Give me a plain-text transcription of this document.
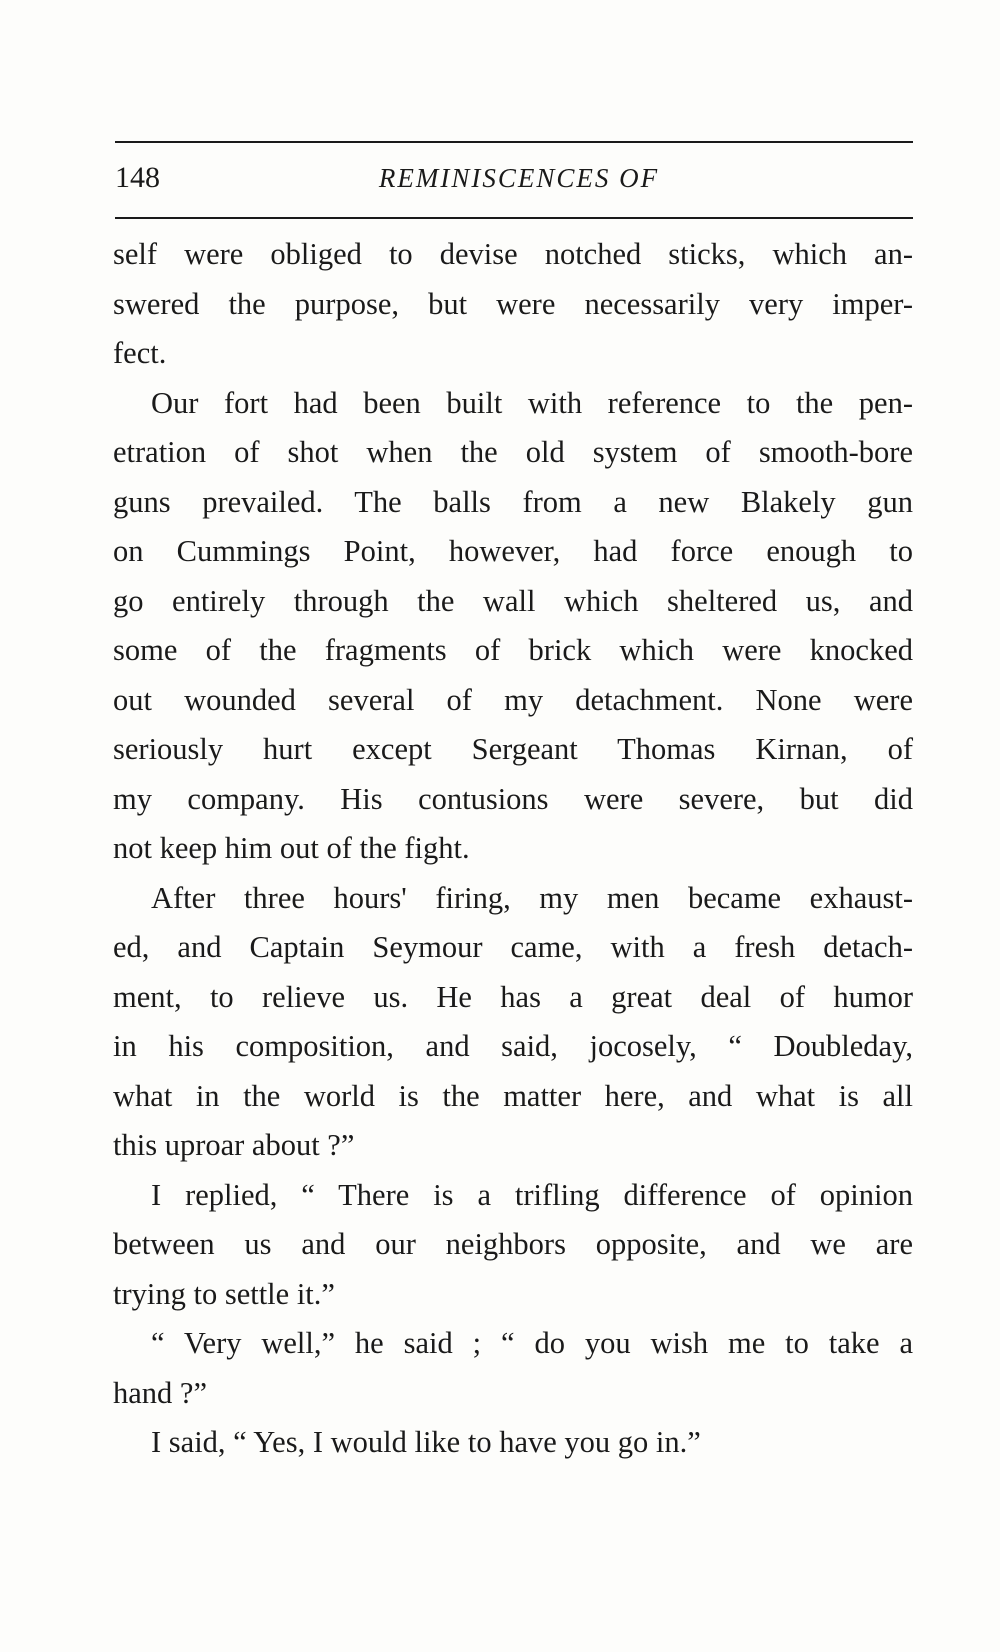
148	REMINISCENCES OF

self were obliged to devise notched sticks, which an-
swered the purpose, but were necessarily very imper-
fect.

Our fort had been built with reference to the pen-
etration of shot when the old system of smooth-bore
guns prevailed. The balls from a new Blakely gun
on Cummings Point, however, had force enough to
go entirely through the wall which sheltered us, and
some of the fragments of brick which were knocked
out wounded several of my detachment. None were
seriously hurt except Sergeant Thomas Kirnan, of
my company. His contusions were severe, but did
not keep him out of the fight.

After three hours' firing, my men became exhaust-
ed, and Captain Seymour came, with a fresh detach-
ment, to relieve us. He has a great deal of humor
in his composition, and said, jocosely, “ Doubleday,
what in the world is the matter here, and what is all
this uproar about ?”

I replied, “ There is a trifling difference of opinion
between us and our neighbors opposite, and we are
trying to settle it.”

“ Very well,” he said ; “ do you wish me to take a
hand ?”

I said, “ Yes, I would like to have you go in.”
